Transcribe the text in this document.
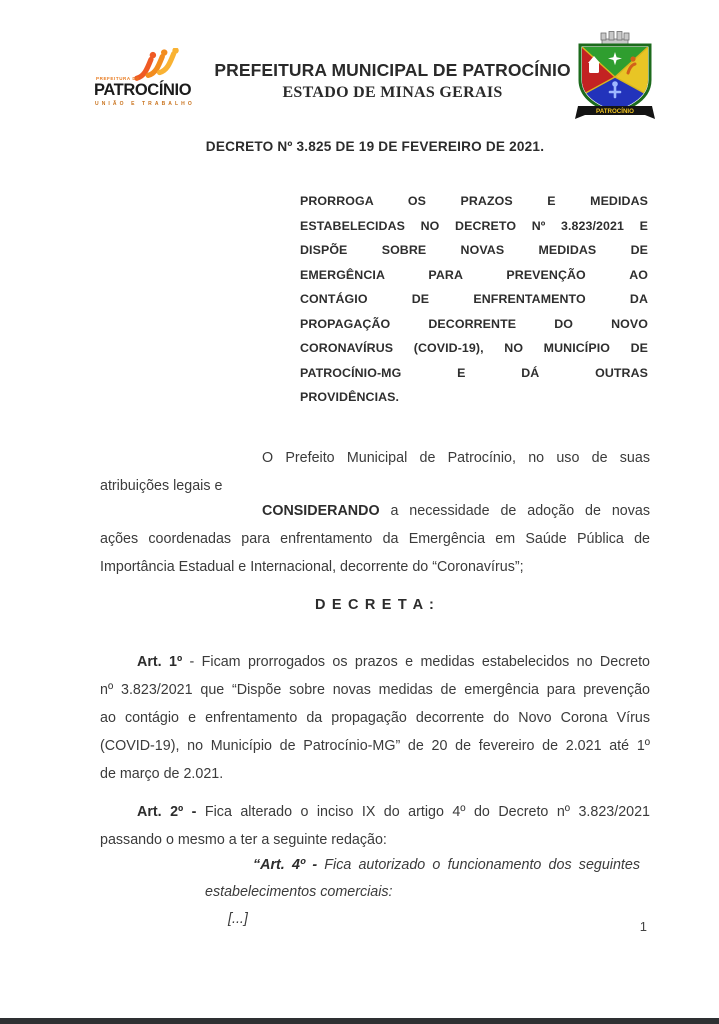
PREFEITURA DE
PATROCÍNIO
UNIÃO E TRABALHO
PREFEITURA MUNICIPAL DE PATROCÍNIO
ESTADO DE MINAS GERAIS
PATROCÍNIO
DECRETO Nº 3.825 DE 19 DE FEVEREIRO DE 2021.
PRORROGA OS PRAZOS E MEDIDAS
ESTABELECIDAS NO DECRETO Nº 3.823/2021 E
DISPÕE SOBRE NOVAS MEDIDAS DE
EMERGÊNCIA PARA PREVENÇÃO AO
CONTÁGIO DE ENFRENTAMENTO DA
PROPAGAÇÃO DECORRENTE DO NOVO
CORONAVÍRUS (COVID-19), NO MUNICÍPIO DE
PATROCÍNIO-MG E DÁ OUTRAS
PROVIDÊNCIAS.
O Prefeito Municipal de Patrocínio, no uso de suas
atribuições legais e
CONSIDERANDO a necessidade de adoção de novas
ações coordenadas para enfrentamento da Emergência em Saúde Pública de
Importância Estadual e Internacional, decorrente do “Coronavírus”;
D E C R E T A :
Art. 1º - Ficam prorrogados os prazos e medidas estabelecidos no Decreto
nº 3.823/2021 que “Dispõe sobre novas medidas de emergência para prevenção
ao contágio e enfrentamento da propagação decorrente do Novo Corona Vírus
(COVID-19), no Município de Patrocínio-MG” de 20 de fevereiro de 2.021 até 1º
de março de 2.021.
Art. 2º - Fica alterado o inciso IX do artigo 4º do Decreto nº 3.823/2021
passando o mesmo a ter a seguinte redação:
“Art. 4º - Fica autorizado o funcionamento dos seguintes
estabelecimentos comerciais:
[...]	1
